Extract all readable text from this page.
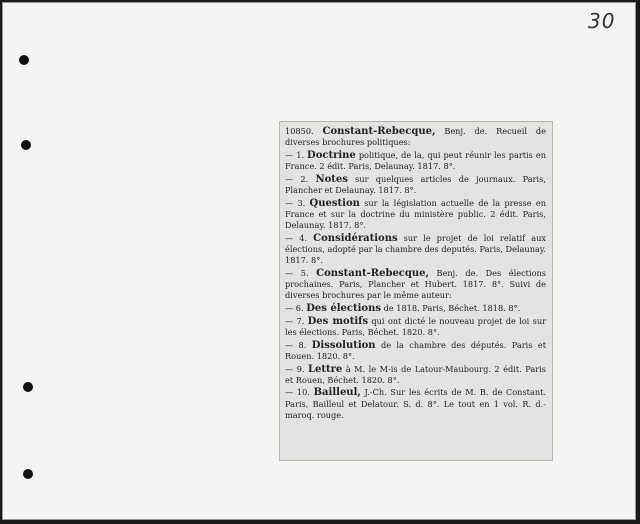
30
10850. Constant-Rebecque, Benj. de. Recueil de diverses brochures politiques:
— 1. Doctrine politique, de la, qui peut réunir les partis en France. 2 édit. Paris, Delaunay. 1817. 8°.
— 2. Notes sur quelques articles de journaux. Paris, Plancher et Delaunay. 1817. 8°.
— 3. Question sur la législation actuelle de la presse en France et sur la doctrine du ministère public. 2 édit. Paris, Delaunay. 1817. 8°.
— 4. Considérations sur le projet de loi relatif aux élections, adopté par la chambre des deputés. Paris, Delaunay. 1817. 8°.
— 5. Constant-Rebecque, Benj. de. Des élections prochaines. Paris, Plancher et Hubert. 1817. 8°. Suivi de diverses brochures par le même auteur:
— 6. Des élections de 1818. Paris, Béchet. 1818. 8°.
— 7. Des motifs qui ont dicté le nouveau projet de loi sur les élections. Paris, Béchet. 1820. 8°.
— 8. Dissolution de la chambre des députés. Paris et Rouen. 1820. 8°.
— 9. Lettre à M. le M-is de Latour-Maubourg. 2 édit. Paris et Rouen, Béchet. 1820. 8°.
— 10. Bailleul, J.-Ch. Sur les écrits de M. B. de Constant. Paris, Bailleul et Delatour. S. d. 8°. Le tout en 1 vol. R. d.-maroq. rouge.
